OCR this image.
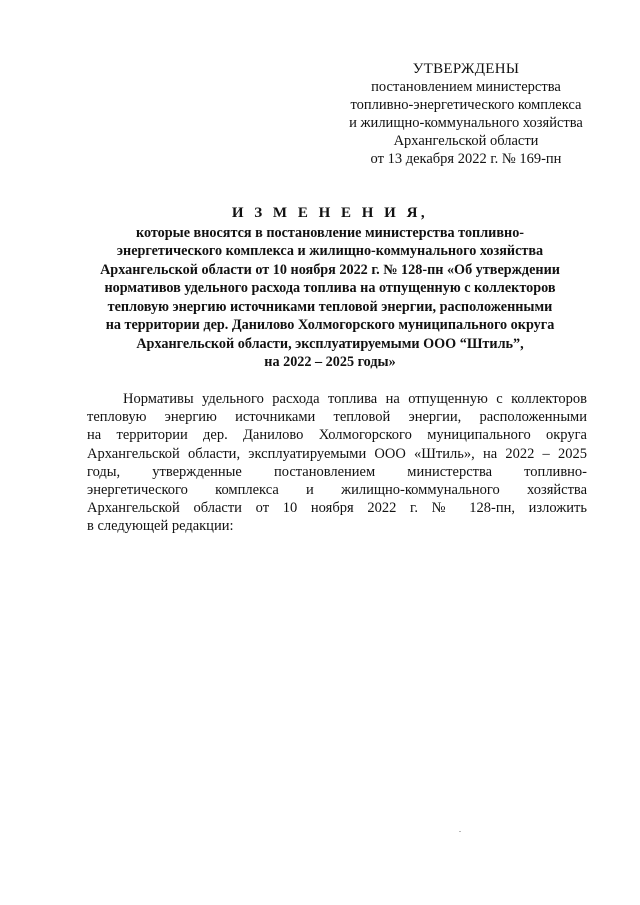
УТВЕРЖДЕНЫ
постановлением министерства
топливно-энергетического комплекса
и жилищно-коммунального хозяйства
Архангельской области
от 13 декабря 2022 г. № 169-пн
И З М Е Н Е Н И Я,
которые вносятся в постановление министерства топливно-
энергетического комплекса и жилищно-коммунального хозяйства
Архангельской области от 10 ноября 2022 г. № 128-пн «Об утверждении
нормативов удельного расхода топлива на отпущенную с коллекторов
тепловую энергию источниками тепловой энергии, расположенными
на территории дер. Данилово Холмогорского муниципального округа
Архангельской области, эксплуатируемыми ООО “Штиль”,
на 2022 – 2025 годы»
Нормативы удельного расхода топлива на отпущенную с коллекторов
тепловую энергию источниками тепловой энергии, расположенными
на территории дер. Данилово Холмогорского муниципального округа
Архангельской области, эксплуатируемыми ООО «Штиль», на 2022 – 2025
годы, утвержденные постановлением министерства топливно-
энергетического комплекса и жилищно-коммунального хозяйства
Архангельской области от 10 ноября 2022 г. № 128-пн, изложить
в следующей редакции:
